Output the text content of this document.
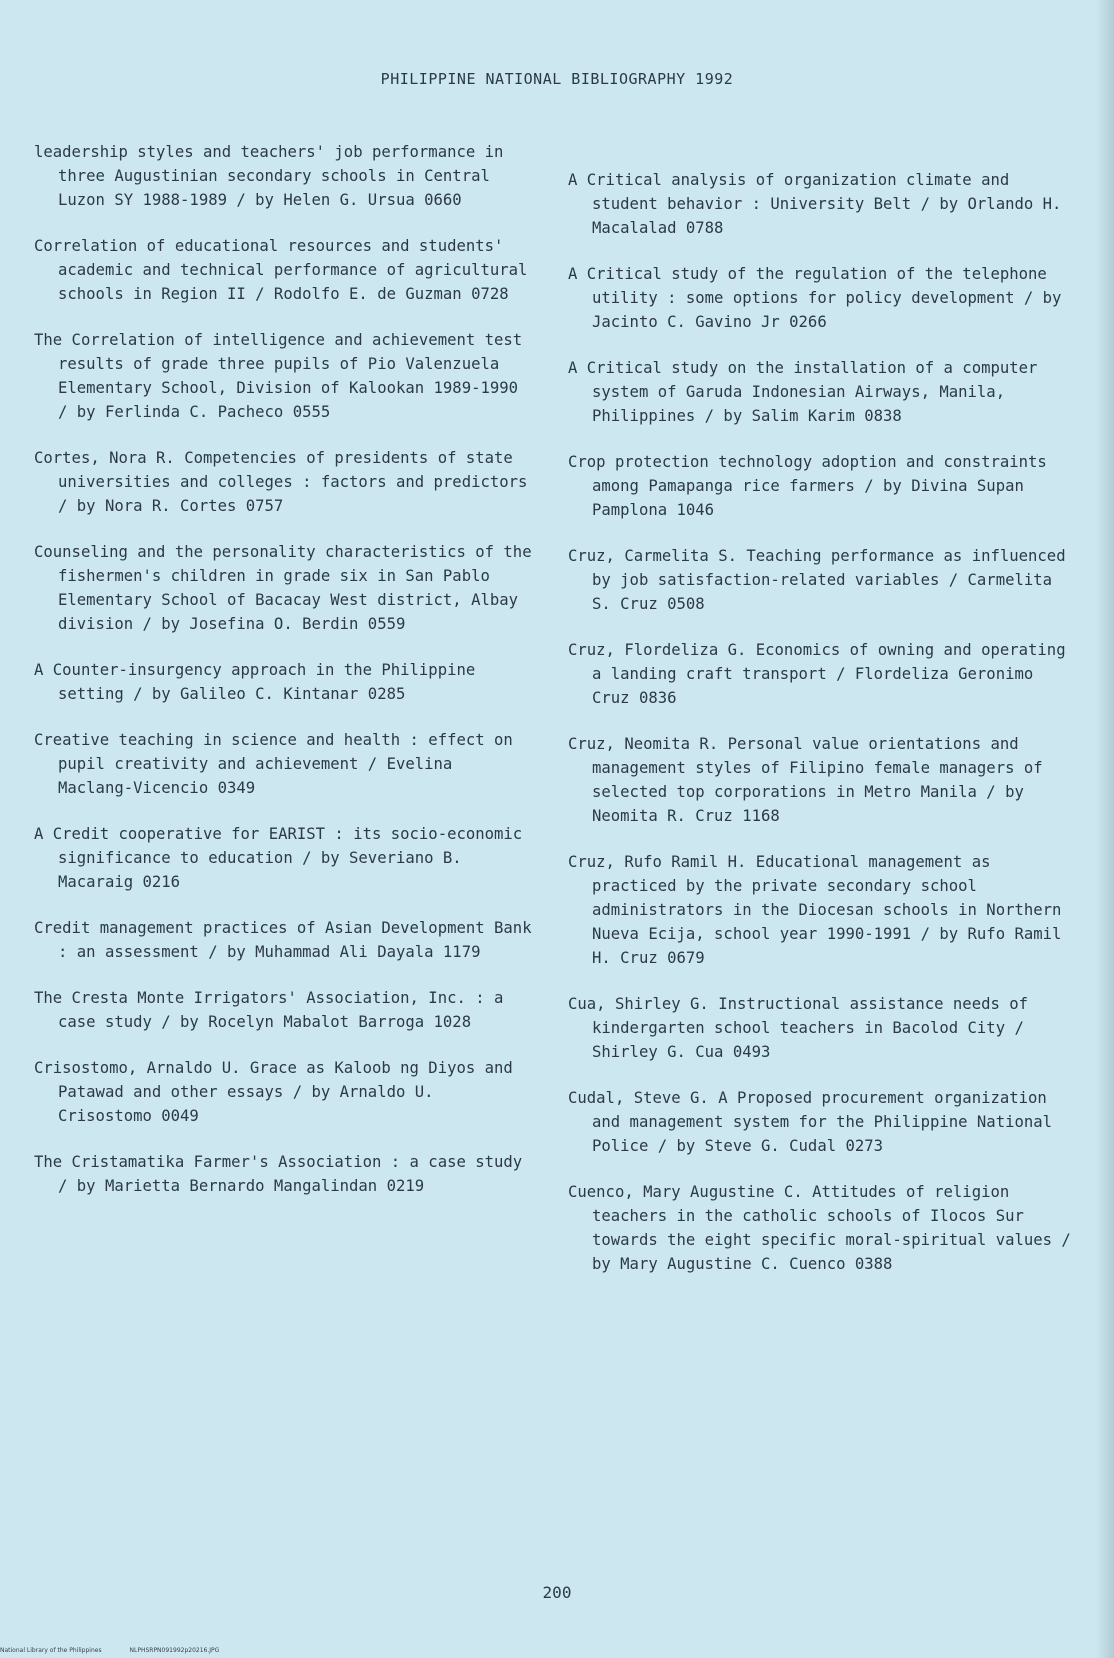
PHILIPPINE NATIONAL BIBLIOGRAPHY 1992

leadership styles and teachers' job performance in three Augustinian secondary schools in Central Luzon SY 1988-1989 / by Helen G. Ursua 0660

Correlation of educational resources and students' academic and technical performance of agricultural schools in Region II / Rodolfo E. de Guzman 0728

The Correlation of intelligence and achievement test results of grade three pupils of Pio Valenzuela Elementary School, Division of Kalookan 1989-1990 / by Ferlinda C. Pacheco 0555

Cortes, Nora R. Competencies of presidents of state universities and colleges : factors and predictors / by Nora R. Cortes 0757

Counseling and the personality characteristics of the fishermen's children in grade six in San Pablo Elementary School of Bacacay West district, Albay division / by Josefina O. Berdin 0559

A Counter-insurgency approach in the Philippine setting / by Galileo C. Kintanar 0285

Creative teaching in science and health : effect on pupil creativity and achievement / Evelina Maclang-Vicencio 0349

A Credit cooperative for EARIST : its socio-economic significance to education / by Severiano B. Macaraig 0216

Credit management practices of Asian Development Bank : an assessment / by Muhammad Ali Dayala 1179

The Cresta Monte Irrigators' Association, Inc. : a case study / by Rocelyn Mabalot Barroga 1028

Crisostomo, Arnaldo U. Grace as Kaloob ng Diyos and Patawad and other essays / by Arnaldo U. Crisostomo 0049

The Cristamatika Farmer's Association : a case study / by Marietta Bernardo Mangalindan 0219

A Critical analysis of organization climate and student behavior : University Belt / by Orlando H. Macalalad 0788

A Critical study of the regulation of the telephone utility : some options for policy development / by Jacinto C. Gavino Jr 0266

A Critical study on the installation of a computer system of Garuda Indonesian Airways, Manila, Philippines / by Salim Karim 0838

Crop protection technology adoption and constraints among Pamapanga rice farmers / by Divina Supan Pamplona 1046

Cruz, Carmelita S. Teaching performance as influenced by job satisfaction-related variables / Carmelita S. Cruz 0508

Cruz, Flordeliza G. Economics of owning and operating a landing craft transport / Flordeliza Geronimo Cruz 0836

Cruz, Neomita R. Personal value orientations and management styles of Filipino female managers of selected top corporations in Metro Manila / by Neomita R. Cruz 1168

Cruz, Rufo Ramil H. Educational management as practiced by the private secondary school administrators in the Diocesan schools in Northern Nueva Ecija, school year 1990-1991 / by Rufo Ramil H. Cruz 0679

Cua, Shirley G. Instructional assistance needs of kindergarten school teachers in Bacolod City / Shirley G. Cua 0493

Cudal, Steve G. A Proposed procurement organization and management system for the Philippine National Police / by Steve G. Cudal 0273

Cuenco, Mary Augustine C. Attitudes of religion teachers in the catholic schools of Ilocos Sur towards the eight specific moral-spiritual values / by Mary Augustine C. Cuenco 0388

200
National Library of the Philippines	NLPHSRPN091992p20216.JPG
